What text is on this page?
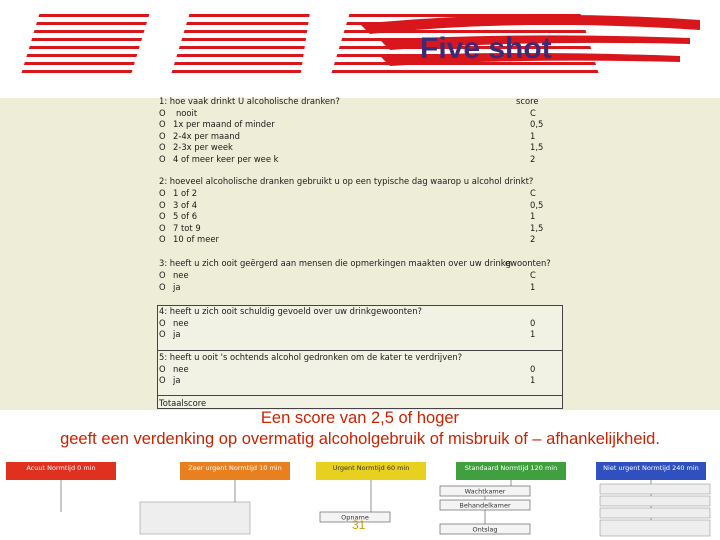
Five shot
1: hoe vaak drinkt U alcoholische dranken?	score
O nooit	C
O 1x per maand of minder	0,5
O 2-4x per maand	1
O 2-3x per week	1,5
O 4 of meer keer per wee k	2
2: hoeveel alcoholische dranken gebruikt u op een typische dag waarop u alcohol drinkt?
O 1 of 2	C
O 3 of 4	0,5
O 5 of 6	1
O 7 tot 9	1,5
O 10 of meer	2
3: heeft u zich ooit geërgerd aan mensen die opmerkingen maakten over uw drinkg
ewoonten?
O nee	C
O ja	1
4: heeft u zich ooit schuldig gevoeld over uw drinkgewoonten?
O nee	0
O ja	1
5: heeft u ooit 's ochtends alcohol gedronken om de kater te verdrijven?
O nee	0
O ja	1
Totaalscore
Een score van 2,5 of hoger
geeft een verdenking op overmatig alcoholgebruik of misbruik of – afhankelijkheid.
Acuut Normtijd 0 min	Zeer urgent Normtijd 10 min	Urgent Normtijd 60 min	Standaard Normtijd 120 min	Niet urgent Normtijd 240 min
Wachtkamer
Behandelkamer
Opname
Ontslag
31
